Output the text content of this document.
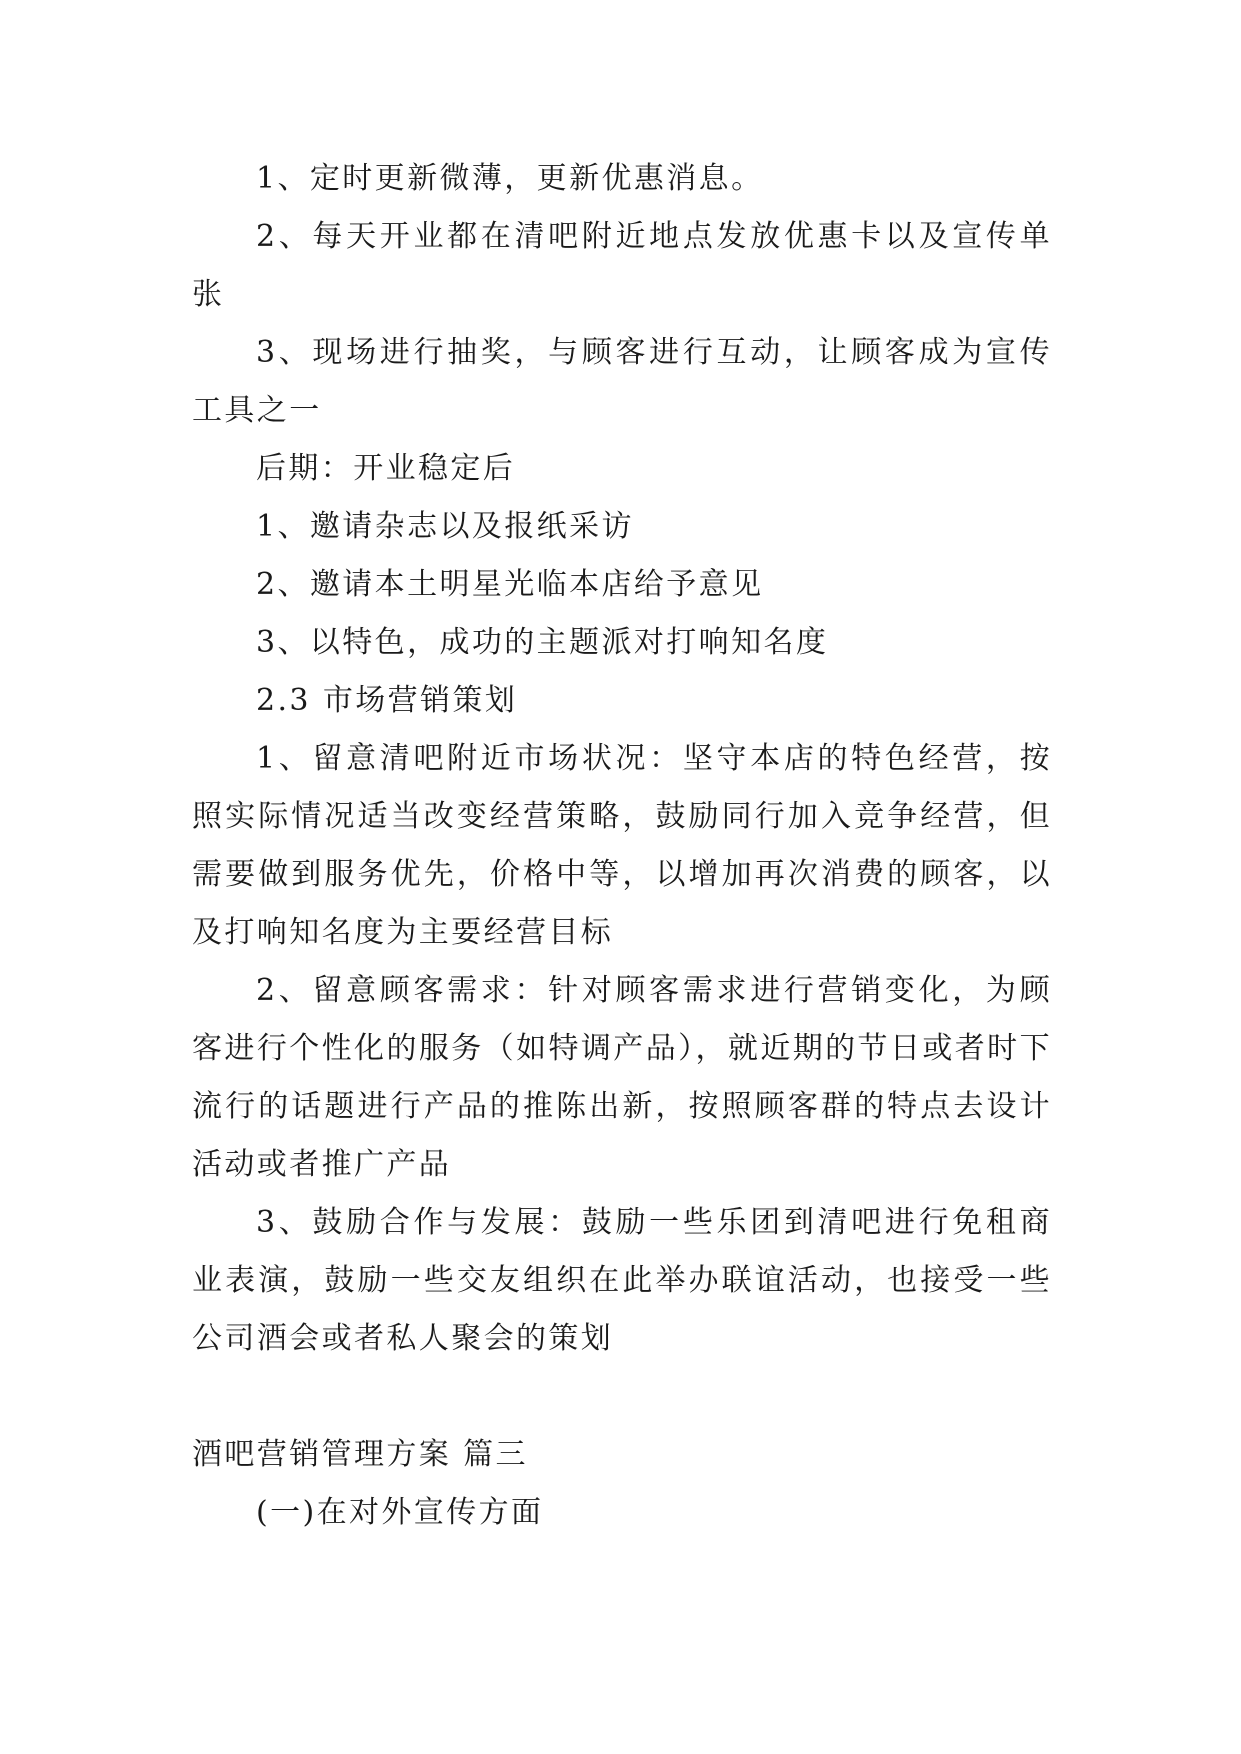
1、定时更新微薄，更新优惠消息。

2、每天开业都在清吧附近地点发放优惠卡以及宣传单张

3、现场进行抽奖，与顾客进行互动，让顾客成为宣传工具之一

后期：开业稳定后

1、邀请杂志以及报纸采访

2、邀请本土明星光临本店给予意见

3、以特色，成功的主题派对打响知名度

2.3 市场营销策划

1、留意清吧附近市场状况：坚守本店的特色经营，按照实际情况适当改变经营策略，鼓励同行加入竞争经营，但需要做到服务优先，价格中等，以增加再次消费的顾客，以及打响知名度为主要经营目标

2、留意顾客需求：针对顾客需求进行营销变化，为顾客进行个性化的服务（如特调产品），就近期的节日或者时下流行的话题进行产品的推陈出新，按照顾客群的特点去设计活动或者推广产品

3、鼓励合作与发展：鼓励一些乐团到清吧进行免租商业表演，鼓励一些交友组织在此举办联谊活动，也接受一些公司酒会或者私人聚会的策划

酒吧营销管理方案 篇三

(一)在对外宣传方面
